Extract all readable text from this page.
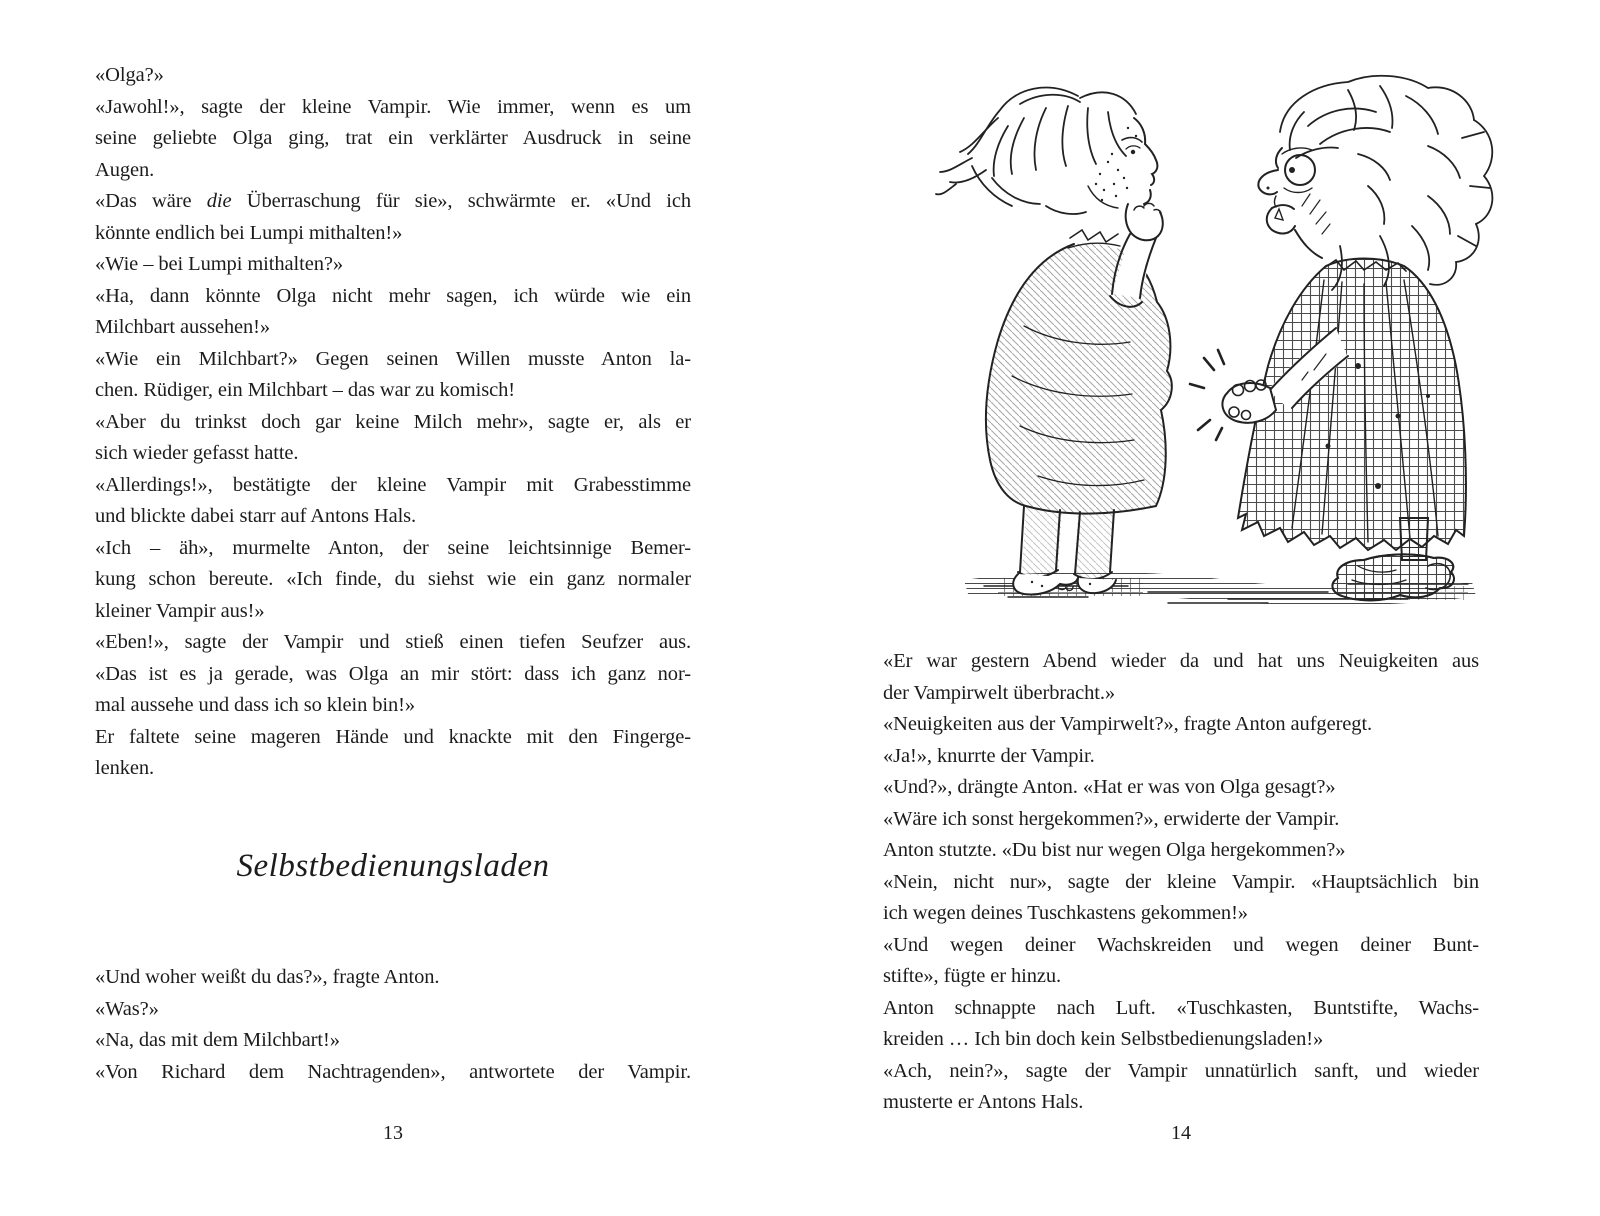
«Olga?»
«Jawohl!», sagte der kleine Vampir. Wie immer, wenn es um
seine geliebte Olga ging, trat ein verklärter Ausdruck in seine
Augen.
«Das wäre die Überraschung für sie», schwärmte er. «Und ich
könnte endlich bei Lumpi mithalten!»
«Wie – bei Lumpi mithalten?»
«Ha, dann könnte Olga nicht mehr sagen, ich würde wie ein
Milchbart aussehen!»
«Wie ein Milchbart?» Gegen seinen Willen musste Anton la-
chen. Rüdiger, ein Milchbart – das war zu komisch!
«Aber du trinkst doch gar keine Milch mehr», sagte er, als er
sich wieder gefasst hatte.
«Allerdings!», bestätigte der kleine Vampir mit Grabesstimme
und blickte dabei starr auf Antons Hals.
«Ich – äh», murmelte Anton, der seine leichtsinnige Bemer-
kung schon bereute. «Ich finde, du siehst wie ein ganz normaler
kleiner Vampir aus!»
«Eben!», sagte der Vampir und stieß einen tiefen Seufzer aus.
«Das ist es ja gerade, was Olga an mir stört: dass ich ganz nor-
mal aussehe und dass ich so klein bin!»
Er faltete seine mageren Hände und knackte mit den Fingerge-
lenken.
Selbstbedienungsladen
«Und woher weißt du das?», fragte Anton.
«Was?»
«Na, das mit dem Milchbart!»
«Von Richard dem Nachtragenden», antwortete der Vampir.
«Er war gestern Abend wieder da und hat uns Neuigkeiten aus
der Vampirwelt überbracht.»
«Neuigkeiten aus der Vampirwelt?», fragte Anton aufgeregt.
«Ja!», knurrte der Vampir.
«Und?», drängte Anton. «Hat er was von Olga gesagt?»
«Wäre ich sonst hergekommen?», erwiderte der Vampir.
Anton stutzte. «Du bist nur wegen Olga hergekommen?»
«Nein, nicht nur», sagte der kleine Vampir. «Hauptsächlich bin
ich wegen deines Tuschkastens gekommen!»
«Und wegen deiner Wachskreiden und wegen deiner Bunt-
stifte», fügte er hinzu.
Anton schnappte nach Luft. «Tuschkasten, Buntstifte, Wachs-
kreiden … Ich bin doch kein Selbstbedienungsladen!»
«Ach, nein?», sagte der Vampir unnatürlich sanft, und wieder
musterte er Antons Hals.
13	14
